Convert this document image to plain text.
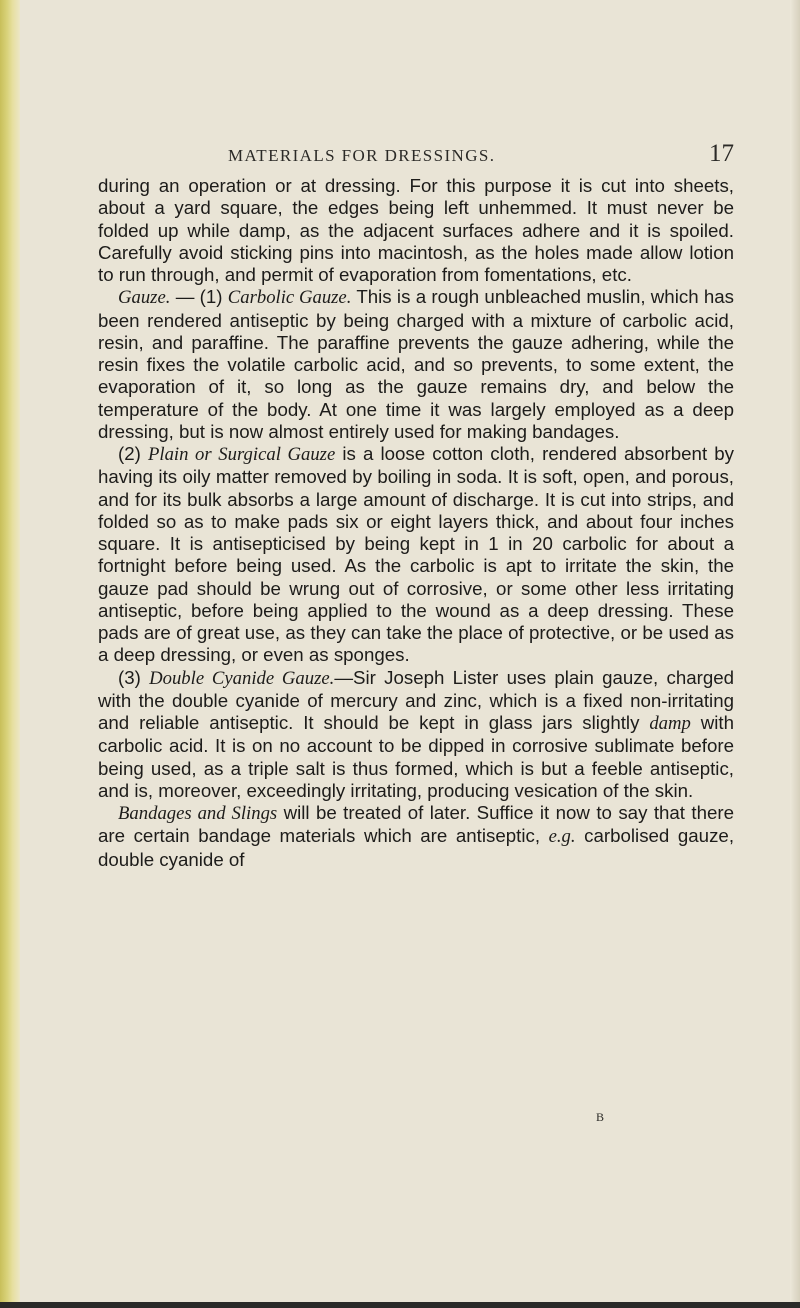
MATERIALS FOR DRESSINGS.	17

during an operation or at dressing. For this purpose it is cut into sheets, about a yard square, the edges being left unhemmed. It must never be folded up while damp, as the adjacent surfaces adhere and it is spoiled. Carefully avoid sticking pins into macintosh, as the holes made allow lotion to run through, and permit of evaporation from fomentations, etc.

Gauze. — (1) Carbolic Gauze. This is a rough unbleached muslin, which has been rendered antiseptic by being charged with a mixture of carbolic acid, resin, and paraffine. The paraffine prevents the gauze adhering, while the resin fixes the volatile carbolic acid, and so prevents, to some extent, the evaporation of it, so long as the gauze remains dry, and below the temperature of the body. At one time it was largely employed as a deep dressing, but is now almost entirely used for making bandages.

(2) Plain or Surgical Gauze is a loose cotton cloth, rendered absorbent by having its oily matter removed by boiling in soda. It is soft, open, and porous, and for its bulk absorbs a large amount of discharge. It is cut into strips, and folded so as to make pads six or eight layers thick, and about four inches square. It is antisepticised by being kept in 1 in 20 carbolic for about a fortnight before being used. As the carbolic is apt to irritate the skin, the gauze pad should be wrung out of corrosive, or some other less irritating antiseptic, before being applied to the wound as a deep dressing. These pads are of great use, as they can take the place of protective, or be used as a deep dressing, or even as sponges.

(3) Double Cyanide Gauze.—Sir Joseph Lister uses plain gauze, charged with the double cyanide of mercury and zinc, which is a fixed non-irritating and reliable antiseptic. It should be kept in glass jars slightly damp with carbolic acid. It is on no account to be dipped in corrosive sublimate before being used, as a triple salt is thus formed, which is but a feeble antiseptic, and is, moreover, exceedingly irritating, producing vesication of the skin.

Bandages and Slings will be treated of later. Suffice it now to say that there are certain bandage materials which are antiseptic, e.g. carbolised gauze, double cyanide of

B
